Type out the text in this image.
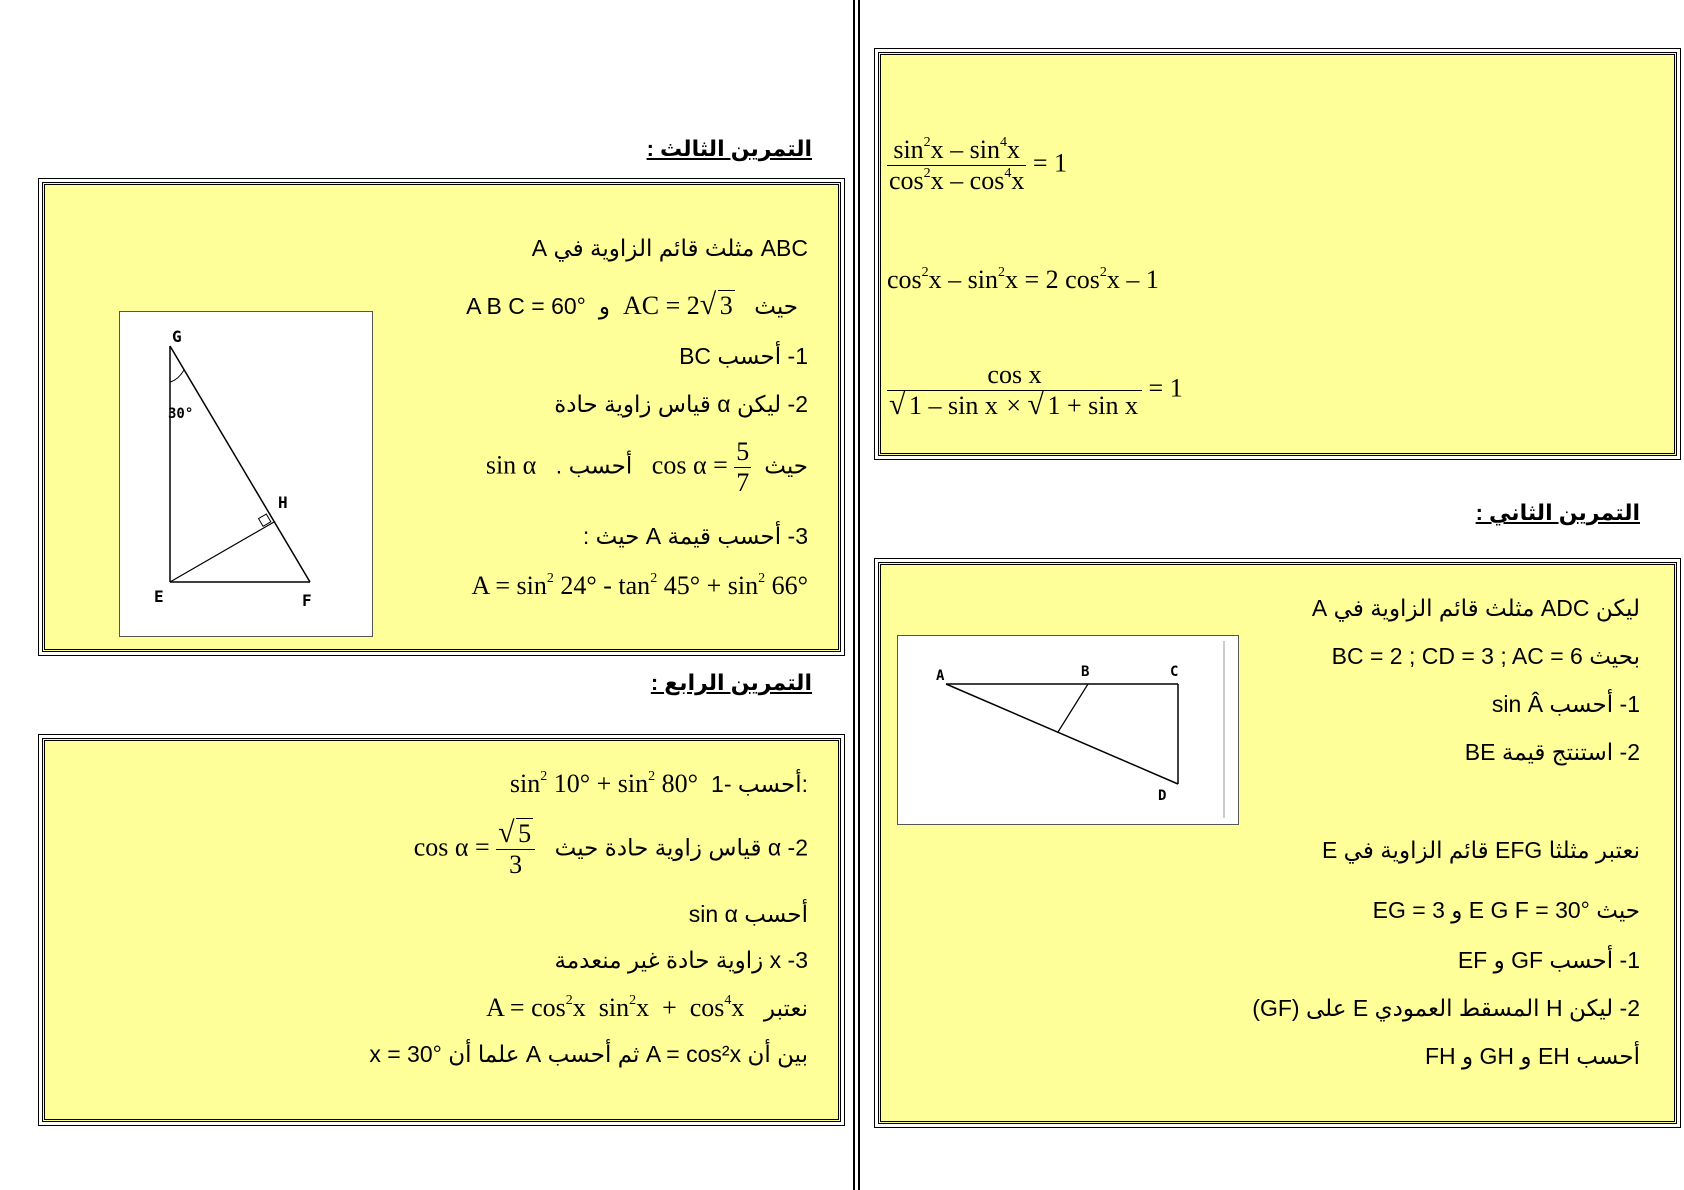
$\frac{\sin^2x - \sin^4x}{\cos^2x - \cos^4x} = 1$
$\cos^2x - \sin^2x = 2$ $\cos^2x - 1$
$\frac{\text{cos x}}{\text{√ 1 – sin x × √ 1 + sin x}} = 1$
التمرين الثاني :
ليكن ADC مثلث قائم الزاوية في A
بحيث BC = 2 ; CD = 3 ; AC = 6
1- أحسب sin Â
2- استنتج قيمة BE
نعتبر مثلثا EFG قائم الزاوية في E
حيث E G F = 30° و EG = 3
1- أحسب GF و EF
2- ليكن H المسقط العمودي E على (GF)
أحسب EH و GH و FH
A	B	C
D
التمرين الثالث :
ABC مثلث قائم الزاوية في A
A B C = 60° و AC = 2 √ 3 حيث
1- أحسب BC
2- ليكن α قياس زاوية حادة
sin α . أحسب $\cos \alpha = \frac{5}{7}$ حيث
3- أحسب قيمة A حيث :
$A = \sin^2 24^\circ - \tan^2 45^\circ + \sin^2 66^\circ$
G
30°
H
E	F
التمرين الرابع :
$\sin^2 10^\circ + \sin^2 80^\circ$  1- أحسب:
$\cos \alpha = \frac{√ 5}{3} 2-$ α قياس زاوية حادة حيث
أحسب sin α
3- x زاوية حادة غير منعدمة
$A = \cos^2x$  $\sin^2x + \cos^4x$   نعتبر
بين أن A = cos²x ثم أحسب A علما أن x = 30°
